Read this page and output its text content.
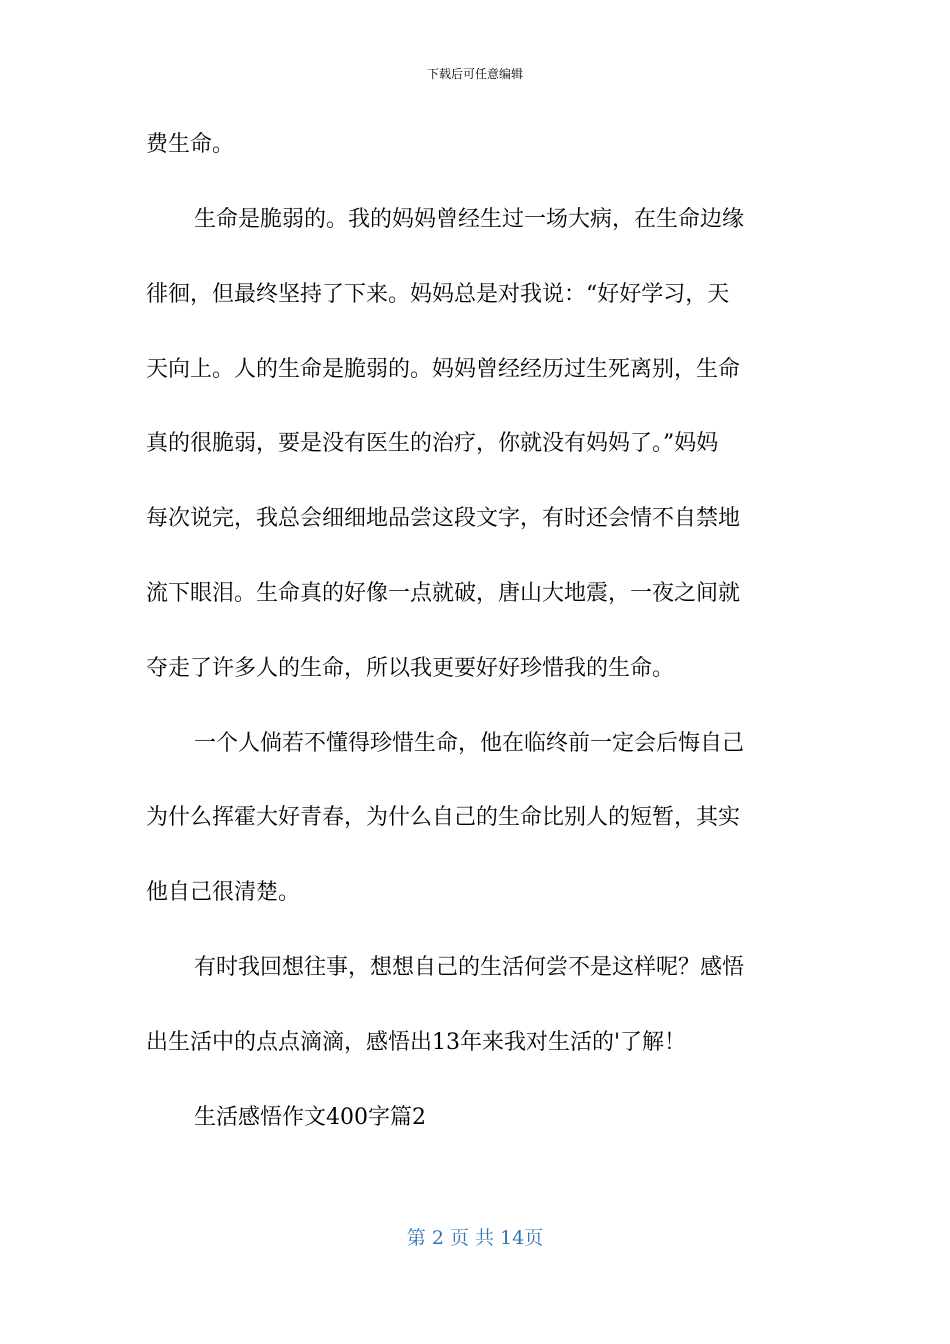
下载后可任意编辑
费生命。
生命是脆弱的。我的妈妈曾经生过一场大病，在生命边缘
徘徊，但最终坚持了下来。妈妈总是对我说：“好好学习，天
天向上。人的生命是脆弱的。妈妈曾经经历过生死离别，生命
真的很脆弱，要是没有医生的治疗，你就没有妈妈了。”妈妈
每次说完，我总会细细地品尝这段文字，有时还会情不自禁地
流下眼泪。生命真的好像一点就破，唐山大地震，一夜之间就
夺走了许多人的生命，所以我更要好好珍惜我的生命。
一个人倘若不懂得珍惜生命，他在临终前一定会后悔自己
为什么挥霍大好青春，为什么自己的生命比别人的短暂，其实
他自己很清楚。
有时我回想往事，想想自己的生活何尝不是这样呢？感悟
出生活中的点点滴滴，感悟出13年来我对生活的'了解！
生活感悟作文400字篇2
第 2 页 共 14页
